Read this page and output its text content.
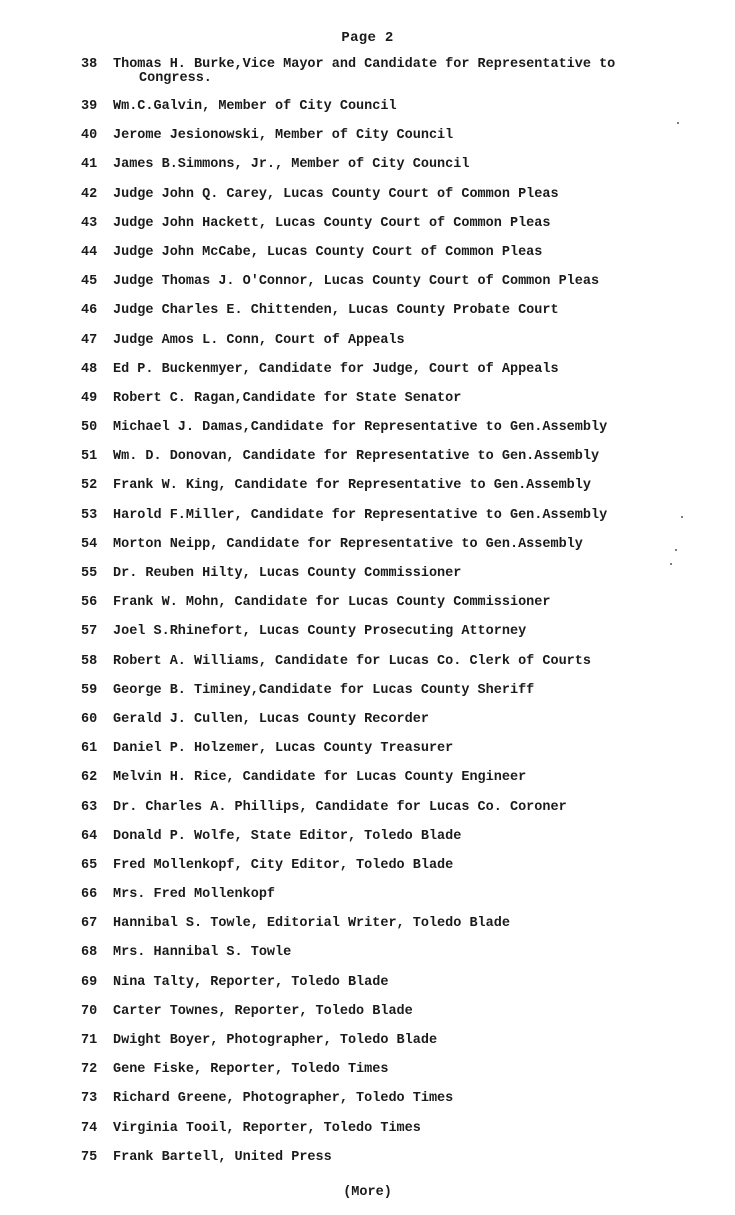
Page 2
38	Thomas H. Burke,Vice Mayor and Candidate for Representative to
Congress.
39	Wm.C.Galvin, Member of City Council
40	Jerome Jesionowski, Member of City Council
41	James B.Simmons, Jr., Member of City Council
42	Judge John Q. Carey, Lucas County Court of Common Pleas
43	Judge John Hackett, Lucas County Court of Common Pleas
44	Judge John McCabe, Lucas County Court of Common Pleas
45	Judge Thomas J. O'Connor, Lucas County Court of Common Pleas
46	Judge Charles E. Chittenden, Lucas County Probate Court
47	Judge Amos L. Conn, Court of Appeals
48	Ed P. Buckenmyer, Candidate for Judge, Court of Appeals
49	Robert C. Ragan,Candidate for State Senator
50	Michael J. Damas,Candidate for Representative to Gen.Assembly
51	Wm. D. Donovan, Candidate for Representative to Gen.Assembly
52	Frank W. King, Candidate for Representative to Gen.Assembly
53	Harold F.Miller, Candidate for Representative to Gen.Assembly
54	Morton Neipp, Candidate for Representative to Gen.Assembly
55	Dr. Reuben Hilty, Lucas County Commissioner
56	Frank W. Mohn, Candidate for Lucas County Commissioner
57	Joel S.Rhinefort, Lucas County Prosecuting Attorney
58	Robert A. Williams, Candidate for Lucas Co. Clerk of Courts
59	George B. Timiney,Candidate for Lucas County Sheriff
60	Gerald J. Cullen, Lucas County Recorder
61	Daniel P. Holzemer, Lucas County Treasurer
62	Melvin H. Rice, Candidate for Lucas County Engineer
63	Dr. Charles A. Phillips, Candidate for Lucas Co. Coroner
64	Donald P. Wolfe, State Editor, Toledo Blade
65	Fred Mollenkopf, City Editor, Toledo Blade
66	Mrs. Fred Mollenkopf
67	Hannibal S. Towle, Editorial Writer, Toledo Blade
68	Mrs. Hannibal S. Towle
69	Nina Talty, Reporter, Toledo Blade
70	Carter Townes, Reporter, Toledo Blade
71	Dwight Boyer, Photographer, Toledo Blade
72	Gene Fiske, Reporter, Toledo Times
73	Richard Greene, Photographer, Toledo Times
74	Virginia Tooil, Reporter, Toledo Times
75	Frank Bartell, United Press
(More)
